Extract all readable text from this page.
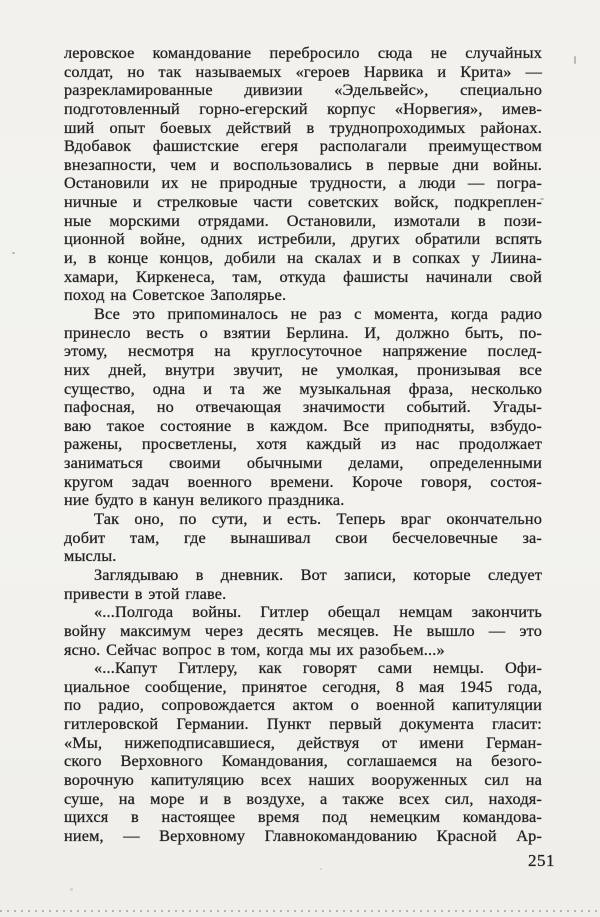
леровское командование перебросило сюда не случайных
солдат, но так называемых «героев Нарвика и Крита» —
разрекламированные дивизии «Эдельвейс», специально
подготовленный горно-егерский корпус «Норвегия», имев-
ший опыт боевых действий в труднопроходимых районах.
Вдобавок фашистские егеря располагали преимуществом
внезапности, чем и воспользовались в первые дни войны.
Остановили их не природные трудности, а люди — погра-
ничные и стрелковые части советских войск, подкреплен-
ные морскими отрядами. Остановили, измотали в пози-
ционной войне, одних истребили, других обратили вспять
и, в конце концов, добили на скалах и в сопках у Лиина-
хамари, Киркенеса, там, откуда фашисты начинали свой
поход на Советское Заполярье.
Все это припоминалось не раз с момента, когда радио
принесло весть о взятии Берлина. И, должно быть, по-
этому, несмотря на круглосуточное напряжение послед-
них дней, внутри звучит, не умолкая, пронизывая все
существо, одна и та же музыкальная фраза, несколько
пафосная, но отвечающая значимости событий. Угады-
ваю такое состояние в каждом. Все приподняты, взбудо-
ражены, просветлены, хотя каждый из нас продолжает
заниматься своими обычными делами, определенными
кругом задач военного времени. Короче говоря, состоя-
ние будто в канун великого праздника.
Так оно, по сути, и есть. Теперь враг окончательно
добит там, где вынашивал свои бесчеловечные за-
мыслы.
Заглядываю в дневник. Вот записи, которые следует
привести в этой главе.
«...Полгода войны. Гитлер обещал немцам закончить
войну максимум через десять месяцев. Не вышло — это
ясно. Сейчас вопрос в том, когда мы их разобьем...»
«...Капут Гитлеру, как говорят сами немцы. Офи-
циальное сообщение, принятое сегодня, 8 мая 1945 года,
по радио, сопровождается актом о военной капитуляции
гитлеровской Германии. Пункт первый документа гласит:
«Мы, нижеподписавшиеся, действуя от имени Герман-
ского Верховного Командования, соглашаемся на безого-
ворочную капитуляцию всех наших вооруженных сил на
суше, на море и в воздухе, а также всех сил, находя-
щихся в настоящее время под немецким командова-
нием, — Верховному Главнокомандованию Красной Ар-
251
